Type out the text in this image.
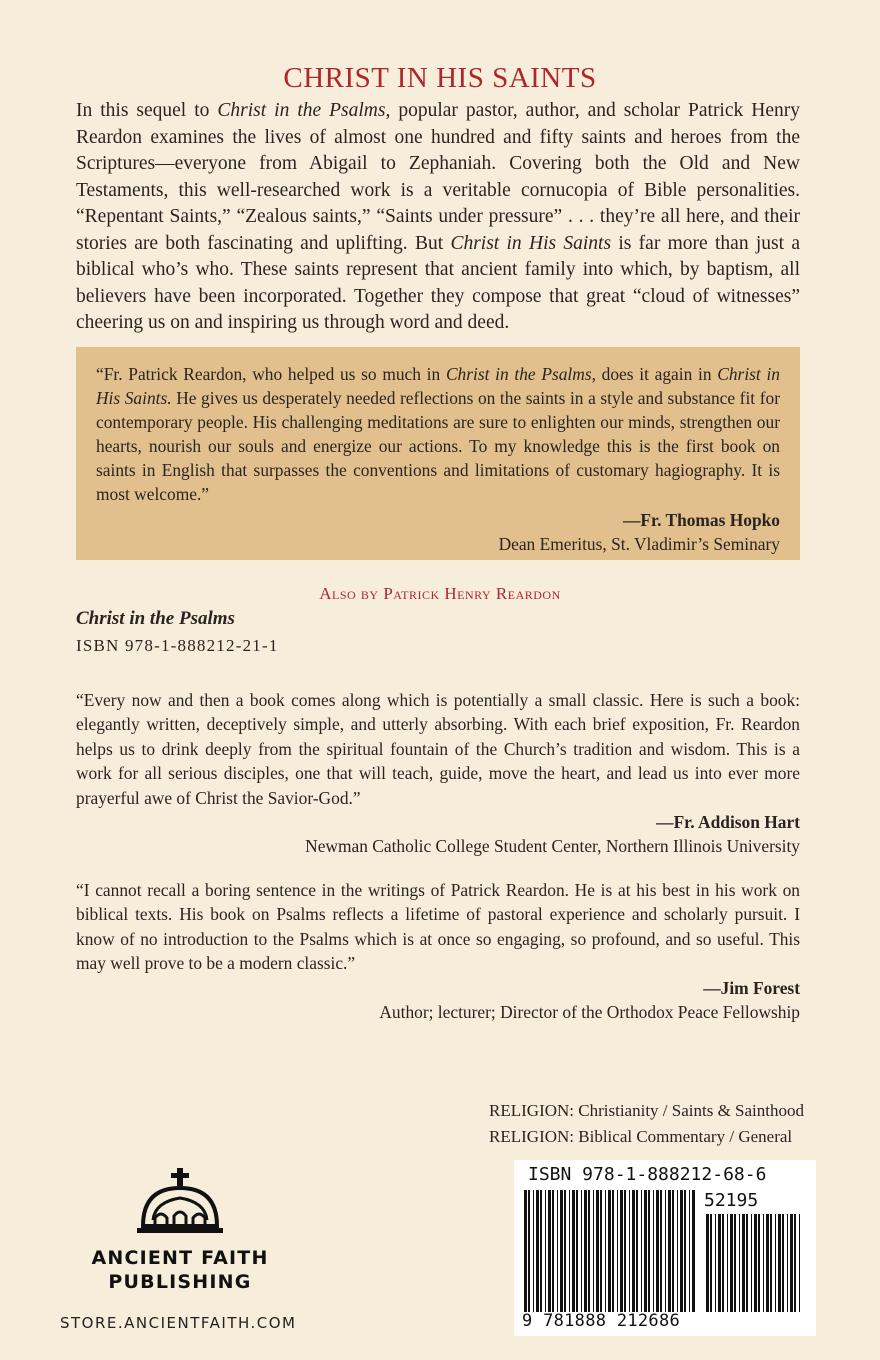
CHRIST IN HIS SAINTS
In this sequel to Christ in the Psalms, popular pastor, author, and scholar Patrick Henry Reardon examines the lives of almost one hundred and fifty saints and heroes from the Scriptures—everyone from Abigail to Zephaniah. Covering both the Old and New Testaments, this well-researched work is a veritable cornucopia of Bible personalities. “Repentant Saints,” “Zealous saints,” “Saints under pressure” . . . they’re all here, and their stories are both fascinating and uplifting. But Christ in His Saints is far more than just a biblical who’s who. These saints represent that ancient family into which, by baptism, all believers have been incorporated. Together they compose that great “cloud of witnesses” cheering us on and inspiring us through word and deed.
“Fr. Patrick Reardon, who helped us so much in Christ in the Psalms, does it again in Christ in His Saints. He gives us desperately needed reflections on the saints in a style and substance fit for contemporary people. His challenging meditations are sure to enlighten our minds, strengthen our hearts, nourish our souls and energize our actions. To my knowledge this is the first book on saints in English that surpasses the conventions and limitations of customary hagiography. It is most welcome.”
—Fr. Thomas Hopko
Dean Emeritus, St. Vladimir’s Seminary
Also by Patrick Henry Reardon
Christ in the Psalms
ISBN 978-1-888212-21-1
“Every now and then a book comes along which is potentially a small classic. Here is such a book: elegantly written, deceptively simple, and utterly absorbing. With each brief exposition, Fr. Reardon helps us to drink deeply from the spiritual fountain of the Church’s tradition and wisdom. This is a work for all serious disciples, one that will teach, guide, move the heart, and lead us into ever more prayerful awe of Christ the Savior-God.”
—Fr. Addison Hart
Newman Catholic College Student Center, Northern Illinois University
“I cannot recall a boring sentence in the writings of Patrick Reardon. He is at his best in his work on biblical texts. His book on Psalms reflects a lifetime of pastoral experience and scholarly pursuit. I know of no introduction to the Psalms which is at once so engaging, so profound, and so useful. This may well prove to be a modern classic.”
—Jim Forest
Author; lecturer; Director of the Orthodox Peace Fellowship
RELIGION: Christianity / Saints & Sainthood
RELIGION: Biblical Commentary / General
ANCIENT FAITH
PUBLISHING
STORE.ANCIENTFAITH.COM
ISBN 978-1-888212-68-6
52195
9 781888 212686
